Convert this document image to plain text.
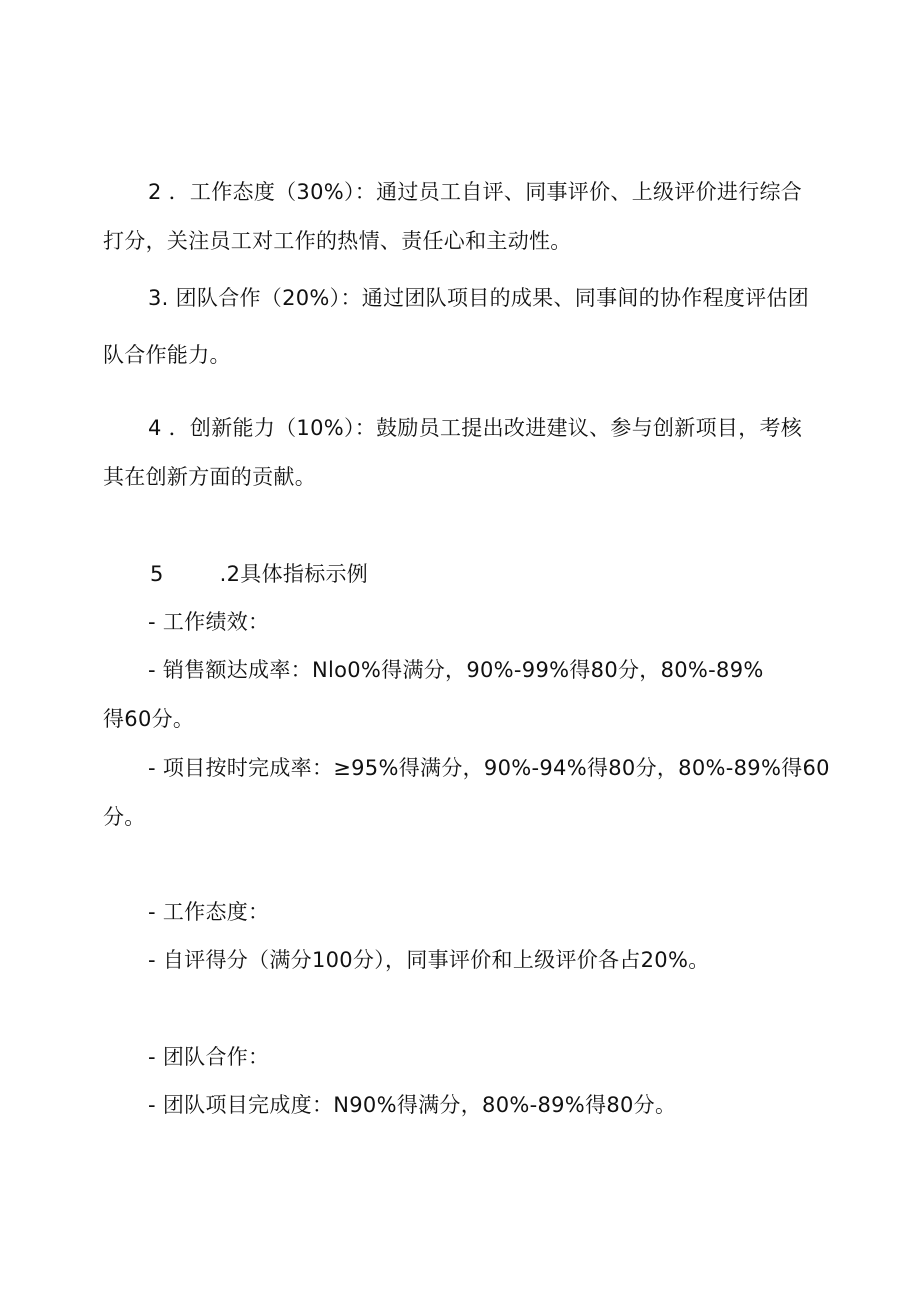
2 ．工作态度（30%）：通过员工自评、同事评价、上级评价进行综合

打分，关注员工对工作的热情、责任心和主动性。

3. 团队合作（20%）：通过团队项目的成果、同事间的协作程度评估团

队合作能力。

4 ．创新能力（10%）：鼓励员工提出改进建议、参与创新项目，考核

其在创新方面的贡献。

5	.2具体指标示例

- 工作绩效：

- 销售额达成率：Nlo0%得满分，90%-99%得80分，80%-89%

得60分。

- 项目按时完成率：≥95%得满分，90%-94%得80分，80%-89%得60

分。

- 工作态度：

- 自评得分（满分100分），同事评价和上级评价各占20%。

- 团队合作：

- 团队项目完成度：N90%得满分，80%-89%得80分。
